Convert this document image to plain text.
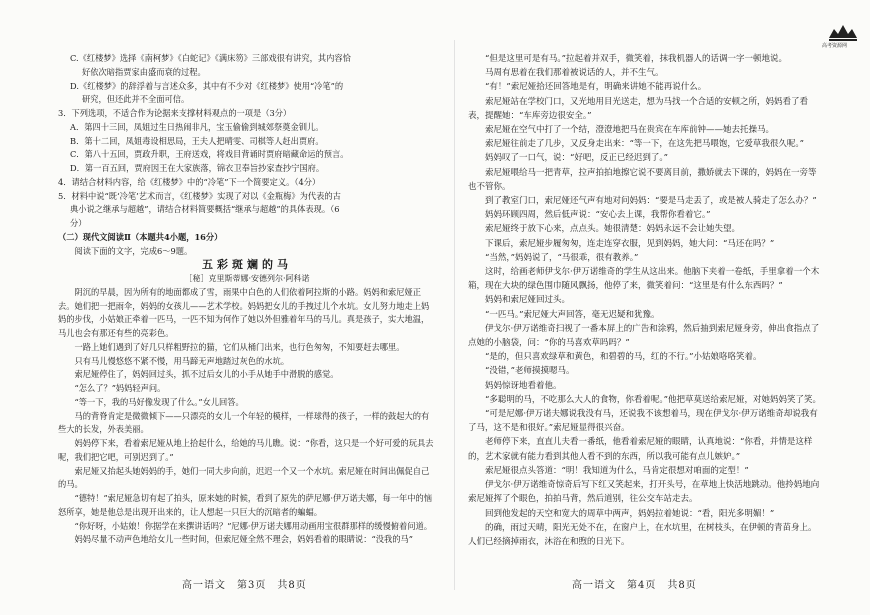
高考资源网

C.《红楼梦》选择《南柯梦》《白蛇记》《满床笏》三部戏很有讲究，其内容恰

好依次暗指贾家由盛而衰的过程。

D.《红楼梦》的辞浮着与言述众多，其中有不少对《红楼梦》使用“冷笔”的

研究，但还此并不全面可信。

3．下列选项，不适合作为论据来支撑材料观点的一项是（3分）

A．第四十三回，凤姐过生日热闹非凡，宝玉偷偷到城郊祭奠金钏儿。

B．第十二回，凤姐毒设相思局，王夫人把晴雯、司棋等人赶出贾府。

C．第八十五回，贾政升职，王府送戏，将戏目背诵时贾府暗藏命运的预言。

D．第一百五回，贾府因王在大家族落，锦衣卫奉旨抄家查抄宁国府。

4．请结合材料内容，给《红楼梦》中的“冷笔”下一个简要定义。（4分）

5．材料中说“既‘冷笔’艺术而言，《红楼梦》实现了对以《金瓶梅》为代表的古

典小说之继承与超越”，请结合材料简要概括“继承与超越”的具体表现。（6

分）

（二）现代文阅读Ⅱ（本题共4小题，16分）

阅读下面的文字，完成6～9题。

五彩斑斓的马

［秘］克里斯蒂娜·安德列尔·阿科诺

阴沉的早晨，因为所有的地面都成了雪，雨果中白色的人们依着阿拉斯的小路。妈妈和索尼娅正去。她们把一把雨伞，妈妈的女孩儿——艺术学校。妈妈把女儿的手拽过儿个水坑。女儿努力地走上妈妈的步伐，小姑娘正牵着一匹马，一匹不知为何作了她以外但雅着年马的马儿。真是孩子，实大地温，马儿也会有那还有些的亮彩色。

一路上她们遇到了好几只样粗野拉的猫，它们从桶门出来，也行色匆匆，不知要赶去哪里。

只有马儿慢悠悠不紧不慢，用马蹄无声地踏过灰色的水坑。

索尼娅停住了，妈妈回过头，抓不过后女儿的小手从她手中滑脱的感觉。

“怎么了？”妈妈轻声问。

“等一下，我的马好像发现了什么。”女儿回答。

马的背脊肯定是微微倾下——只漂亮的女儿一个年轻的模样，一样球得的孩子，一样的鼓起大的有些大的长发，外表美丽。

妈妈停下来，看着索尼娅从地上拾起什么，给她的马儿瞧。说：“你看，这只是一个好可爱的玩具去呢，我们把它吧，可别迟到了。”

索尼娅又抬起头她妈妈的手，她们一同大步向前，迟迟一个又一个水坑。索尼娅在时间出佩促自己的马。

“德特！”索尼娅急切有起了拍头，原来她的时候，看到了原先的萨尼娜·伊万诺夫娜，每一年中的恼怒所享，她是他总是出现开出来的，让人想起一只巨大的沉暗者的蝙蝠。

“你好呀，小姑娘！你据学在来撰讲话吗？”尼娜·伊万诺夫娜用动画用宝很群那样的缓慢俯着问道。

妈妈尽量不动声色地给女儿一些时间，但索尼娅全然不理会，妈妈看着的眼睛说：“没我的马”

高一语文　第3页　共8页

“但是这里可是有马。”拉起着并双手，微笑着，抹我机器人的话调一字一顿地说。

马周有思着在我们那着被说话的人，并不生气。

“有！”索尼娅拾还回答地是有，明确来讲她不能再说什么。

索尼娅站在学校门口，又光地用目光送走，想为马找一个合适的安顿之所，妈妈看了看表，提醒她：“车库旁边很安全。”

索尼娅在空气中打了一个结，澄澄地把马在贵宾在车库前钟——她去托操马。

索尼娅往前走了几步，又反身走出来：“等一下，在这先把马喂饱，它爱草我很久呢。”

妈妈叹了一口气，说：“好吧，反正已经迟到了。”

索尼娅喂给马一把青草，拉声拍拍地擦它说不要离目前，撒娇就去下课的，妈妈在一旁等也不管你。

到了教室门口，索尼娅还气声有地对问妈妈：“要是马走丢了，或是被人骑走了怎么办？”

妈妈环顾四周，然后低声说：“安心去上课，我帮你看着它。”

索尼娅终于放下心来，点点头。她很清楚：妈妈永远不会让她失望。

下课后，索尼娅步履匆匆，连走连穿衣服，见到妈妈，她大问：“马还在吗？”

“当然，”妈妈说了，“马很乖，很有教养。”

这时，给画老师伊戈尔·伊万诺维奇的学生从这出来。他脑下夹着一卷纸，手里拿着一个木箱，现在大块的绿色围巾随风飘扬，他停了来，微笑着问：“这里是有什么东西吗？”

妈妈和索尼娅回过头。

“一匹马。”索尼娅大声回答，毫无迟疑和犹豫。

伊戈尔·伊万诺维奇扫视了一番本屏上的广告和涂鸦，然后抽到索尼娅身旁，伸出食指点了点她的小脑袋，问：“你的马喜欢草吗吗？”

“是的，但只喜欢绿草和黄色，和碧碧的马，红的不行。”小姑娘咯咯笑着。

“没错，”老师摸摸嗯马。

妈妈惊讶地看着他。

“多聪明的马，不吃那么大人的食物，你看着呢。”他把草莫送给索尼娅，对她妈妈笑了笑。

“可是尼娜·伊万诺夫娜说我没有马，还说我不该想着马，现在伊戈尔·伊万诺维奇却说我有了马，这不是和很好。”索尼娅显得很兴奋。

老师停下来，直直儿夫看一番纸，他看着索尼娅的眼睛，认真地说：“你看，并情是这样的，艺术家就有能力看到其他人看不到的东西，所以我可能有点儿嫉妒。”

索尼娅很点头答道：“明！我知道为什么，马肯定很想对咱面的定型！”

伊戈尔·伊万诺维奇惊奇后写下红又笑起来，打开头号，在草地上快活地跳动。他拎妈地向索尼娅挥了个眼色，拍拍马背，然后道别，往公交车站走去。

回到他发起的天空和宽大的周草中两声，妈妈拉着她说：“看，阳光多明媚！”

的确，雨过天晴，阳光无处不在，在窗户上，在水坑里，在树枝头，在伊顿的青苗身上。人们已经摘掉雨衣，沐浴在和煦的日光下。

高一语文　第4页　共8页
